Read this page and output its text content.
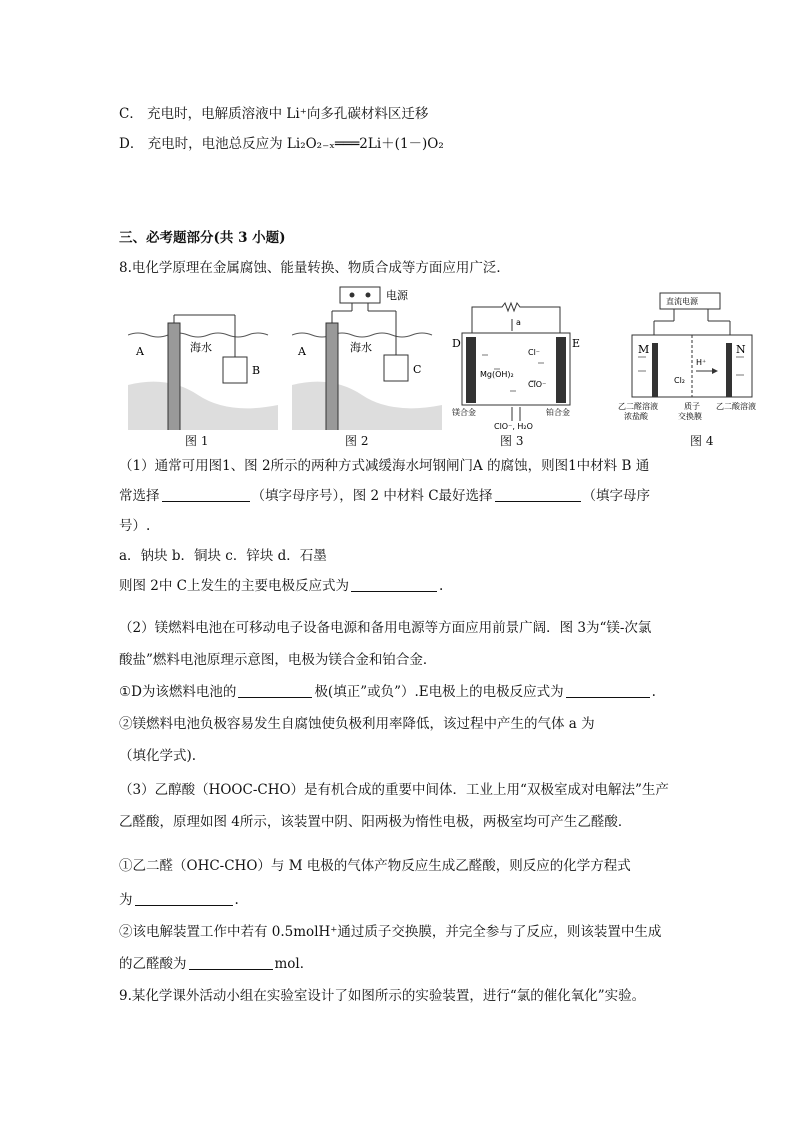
C． 充电时，电解质溶液中 Li⁺向多孔碳材料区迁移
D． 充电时，电池总反应为 Li₂O₂₋ₓ═══2Li＋(1－)O₂
三、必考题部分(共 3 小题)
8.电化学原理在金属腐蚀、能量转换、物质合成等方面应用广泛．
A	海水
B
图 1
电源
A	海水
C
图 2
a
D	E
Cl⁻
Mg(OH)₂
ClO⁻
镁合金	铂合金
ClO⁻, H₂O
图 3
直流电源
M	N
H⁺
Cl₂
乙二醛溶液
浓盐酸
质子
交换膜
乙二酸溶液
图 4
（1）通常可用图1、图 2所示的两种方式减缓海水坷钢闸门A 的腐蚀，则图1中材料 B 通
常选择	（填字母序号），图 2 中材料 C最好选择	（填字母序
号）.
a．钠块 b．铜块 c．锌块 d．石墨
则图 2中 C上发生的主要电极反应式为	.
（2）镁燃料电池在可移动电子设备电源和备用电源等方面应用前景广阔．图 3为“镁-次氯
酸盐”燃料电池原理示意图，电极为镁合金和铂合金．
①D为该燃料电池的	极(填正”或负”）.E电极上的电极反应式为	.
②镁燃料电池负极容易发生自腐蚀使负极利用率降低，该过程中产生的气体 a 为
（填化学式).
（3）乙醇酸（HOOC-CHO）是有机合成的重要中间体．工业上用“双极室成对电解法”生产
乙醛酸，原理如图 4所示，该装置中阴、阳两极为惰性电极，两极室均可产生乙醛酸．
①乙二醛（OHC-CHO）与 M 电极的气体产物反应生成乙醛酸，则反应的化学方程式
为	.
②该电解装置工作中若有 0.5molH⁺通过质子交换膜，并完全参与了反应，则该装置中生成
的乙醛酸为	mol．
9.某化学课外活动小组在实验室设计了如图所示的实验装置，进行“氯的催化氧化”实验。
